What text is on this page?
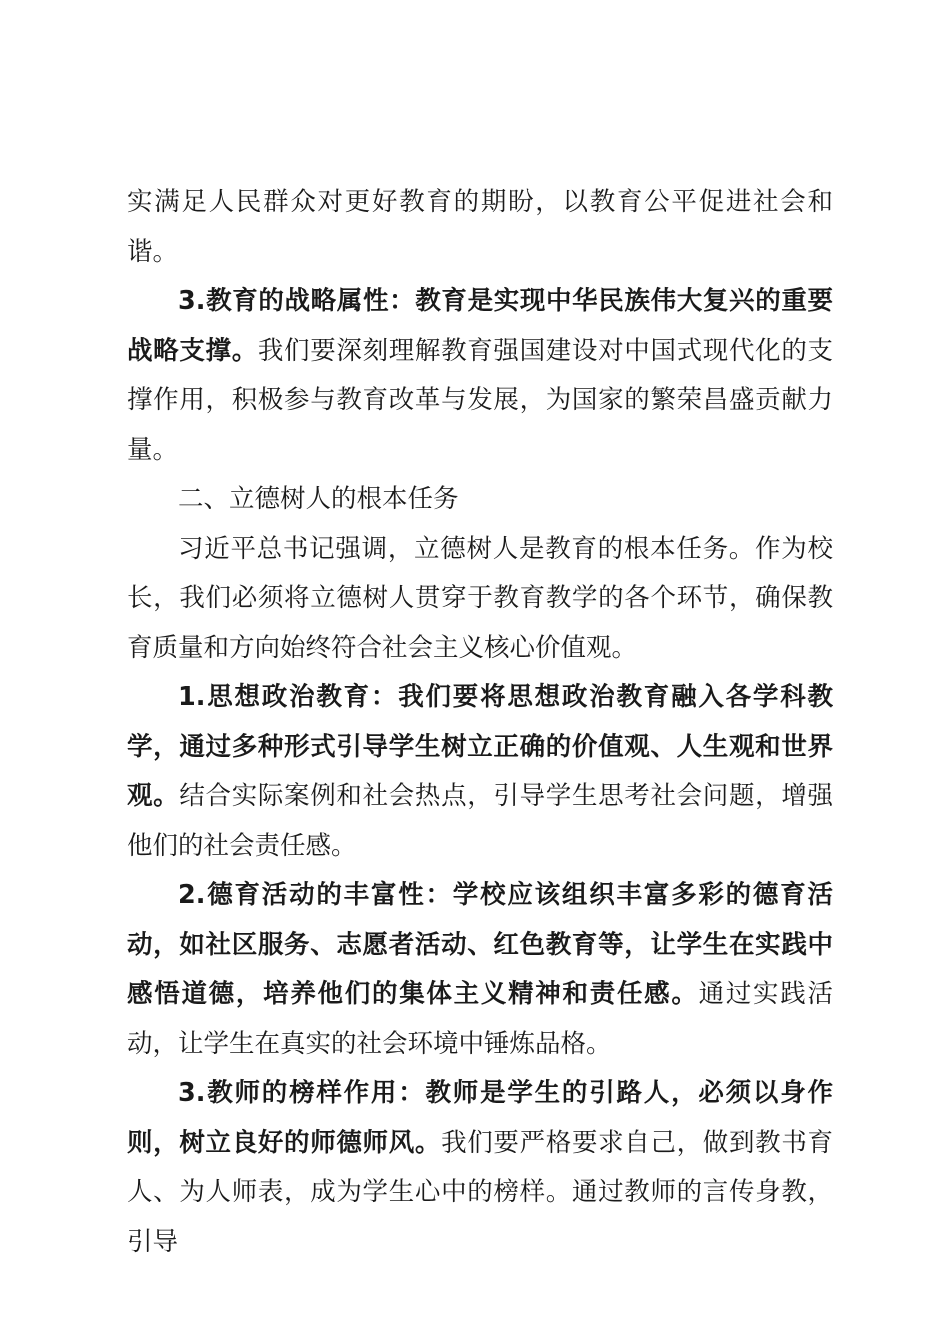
实满足人民群众对更好教育的期盼，以教育公平促进社会和谐。

3.教育的战略属性：教育是实现中华民族伟大复兴的重要战略支撑。我们要深刻理解教育强国建设对中国式现代化的支撑作用，积极参与教育改革与发展，为国家的繁荣昌盛贡献力量。

二、立德树人的根本任务

习近平总书记强调，立德树人是教育的根本任务。作为校长，我们必须将立德树人贯穿于教育教学的各个环节，确保教育质量和方向始终符合社会主义核心价值观。

1.思想政治教育：我们要将思想政治教育融入各学科教学，通过多种形式引导学生树立正确的价值观、人生观和世界观。结合实际案例和社会热点，引导学生思考社会问题，增强他们的社会责任感。

2.德育活动的丰富性：学校应该组织丰富多彩的德育活动，如社区服务、志愿者活动、红色教育等，让学生在实践中感悟道德，培养他们的集体主义精神和责任感。通过实践活动，让学生在真实的社会环境中锤炼品格。

3.教师的榜样作用：教师是学生的引路人，必须以身作则，树立良好的师德师风。我们要严格要求自己，做到教书育人、为人师表，成为学生心中的榜样。通过教师的言传身教，引导
